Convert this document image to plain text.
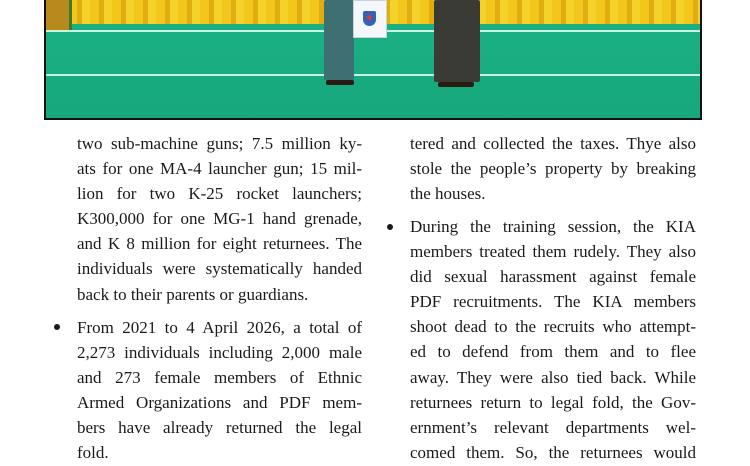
two sub-machine guns; 7.5 million ky-
ats for one MA-4 launcher gun; 15 mil-
lion for two K-25 rocket launchers;
K300,000 for one MG-1 hand grenade,
and K 8 million for eight returnees. The
individuals were systematically handed
back to their parents or guardians.
From 2021 to 4 April 2026, a total of
2,273 individuals including 2,000 male
and 273 female members of Ethnic
Armed Organizations and PDF mem-
bers have already returned the legal
fold.
tered and collected the taxes. Thye also
stole the people’s property by breaking
the houses.
During the training session, the KIA
members treated them rudely. They also
did sexual harassment against female
PDF recruitments. The KIA members
shoot dead to the recruits who attempt-
ed to defend from them and to flee
away. They were also tied back. While
returnees return to legal fold, the Gov-
ernment’s relevant departments wel-
comed them. So, the returnees would
